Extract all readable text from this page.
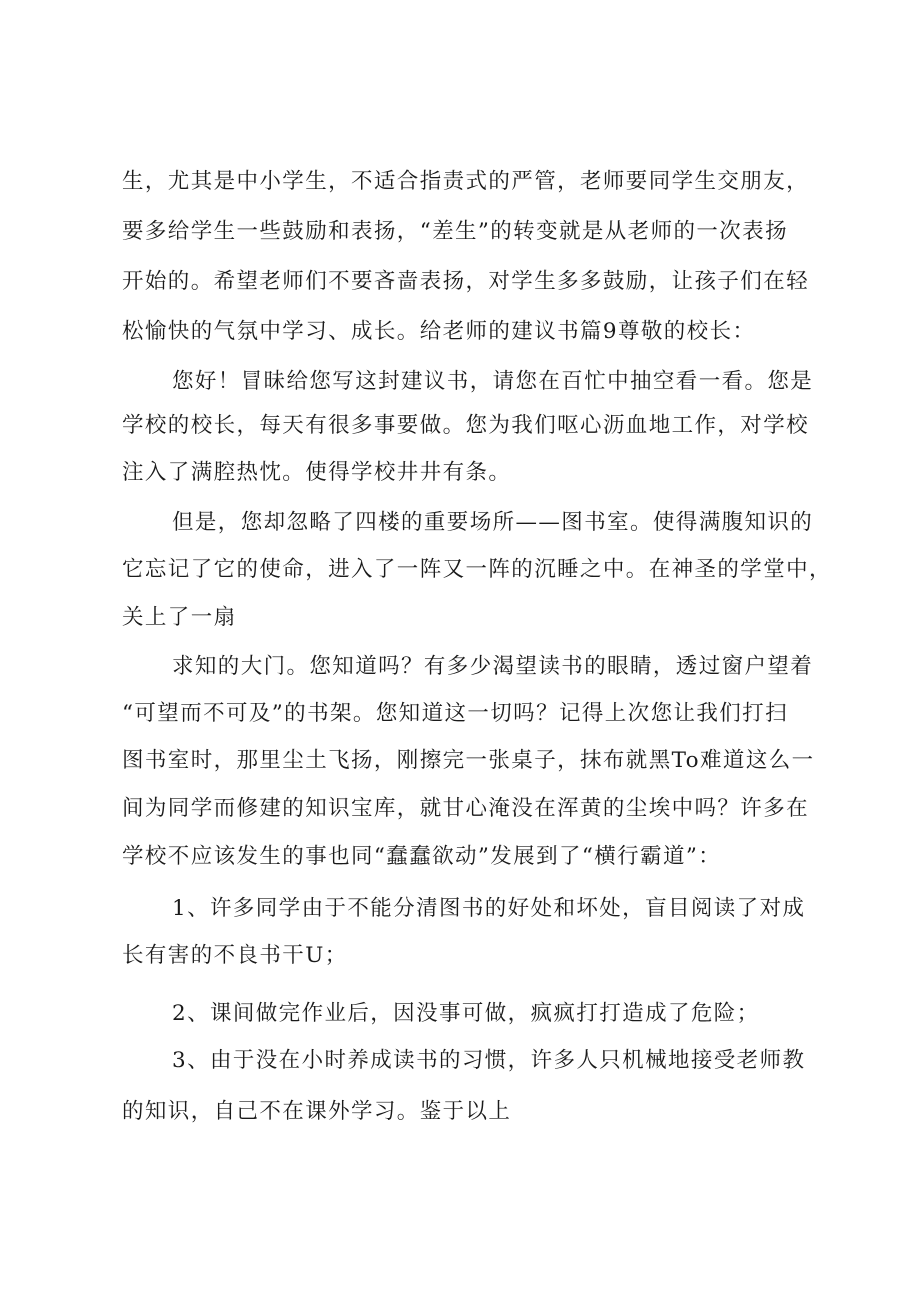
生，尤其是中小学生，不适合指责式的严管，老师要同学生交朋友，
要多给学生一些鼓励和表扬，“差生”的转变就是从老师的一次表扬
开始的。希望老师们不要吝啬表扬，对学生多多鼓励，让孩子们在轻
松愉快的气氛中学习、成长。给老师的建议书篇9尊敬的校长：
您好！冒昧给您写这封建议书，请您在百忙中抽空看一看。您是
学校的校长，每天有很多事要做。您为我们呕心沥血地工作，对学校
注入了满腔热忱。使得学校井井有条。
但是，您却忽略了四楼的重要场所——图书室。使得满腹知识的
它忘记了它的使命，进入了一阵又一阵的沉睡之中。在神圣的学堂中，
关上了一扇
求知的大门。您知道吗？有多少渴望读书的眼睛，透过窗户望着
“可望而不可及”的书架。您知道这一切吗？记得上次您让我们打扫
图书室时，那里尘土飞扬，刚擦完一张桌子，抹布就黑To难道这么一
间为同学而修建的知识宝库，就甘心淹没在浑黄的尘埃中吗？许多在
学校不应该发生的事也同“蠢蠢欲动”发展到了“横行霸道”：
1、许多同学由于不能分清图书的好处和坏处，盲目阅读了对成
长有害的不良书干U；
2、课间做完作业后，因没事可做，疯疯打打造成了危险；
3、由于没在小时养成读书的习惯，许多人只机械地接受老师教
的知识，自己不在课外学习。鉴于以上
